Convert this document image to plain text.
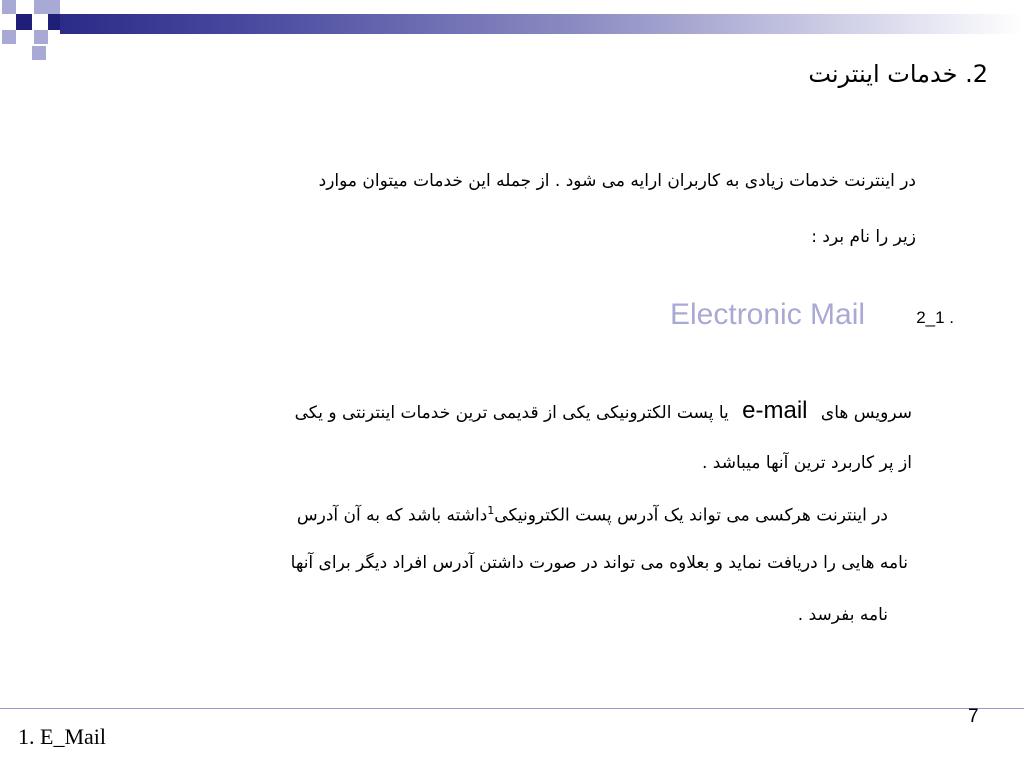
2. خدمات اینترنت
در اینترنت خدمات زیادی به کاربران ارایه می شود . از جمله این خدمات میتوان موارد
زیر را نام برد :
Electronic Mail	2_1 .
سرویس های e-mail یا پست الکترونیکی یکی از قدیمی ترین خدمات اینترنتی و یکی
از پر کاربرد ترین آنها میباشد .
در اینترنت هرکسی می تواند یک آدرس پست الکترونیکی$^1$داشته باشد که به آن آدرس
نامه هایی را دریافت نماید و بعلاوه می تواند در صورت داشتن آدرس افراد دیگر برای آنها
نامه بفرسد .
7
1. E_Mail
